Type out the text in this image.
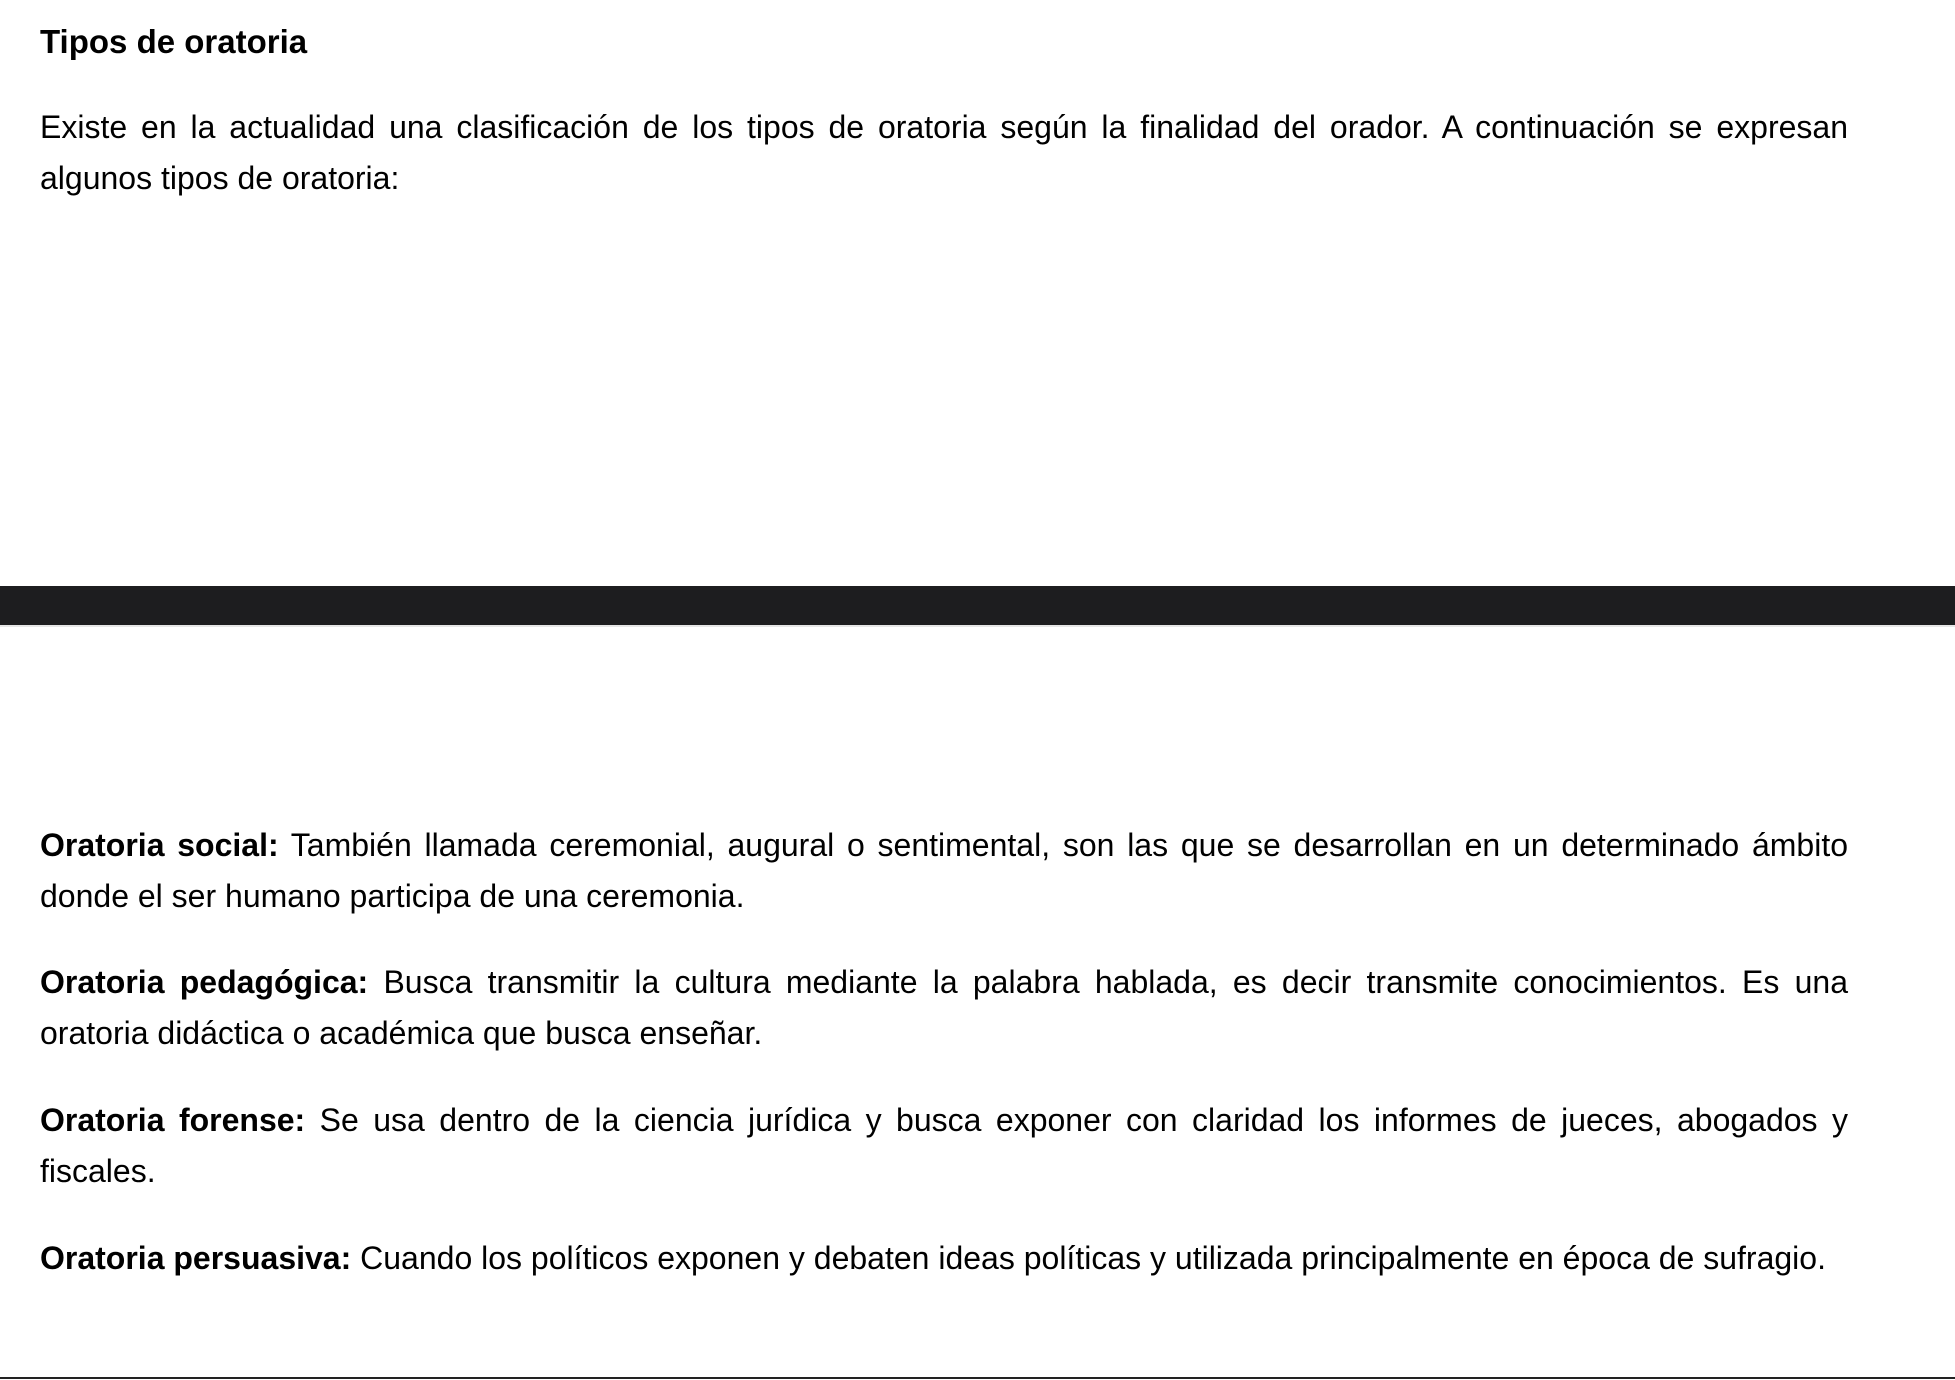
Tipos de oratoria

Existe en la actualidad una clasificación de los tipos de oratoria según la finalidad del orador. A continuación se expresan algunos tipos de oratoria:

Oratoria social: También llamada ceremonial, augural o sentimental, son las que se desarrollan en un determinado ámbito donde el ser humano participa de una ceremonia.

Oratoria pedagógica: Busca transmitir la cultura mediante la palabra hablada, es decir transmite conocimientos. Es una oratoria didáctica o académica que busca enseñar.

Oratoria forense: Se usa dentro de la ciencia jurídica y busca exponer con claridad los informes de jueces, abogados y fiscales.

Oratoria persuasiva: Cuando los políticos exponen y debaten ideas políticas y utilizada principalmente en época de sufragio.
